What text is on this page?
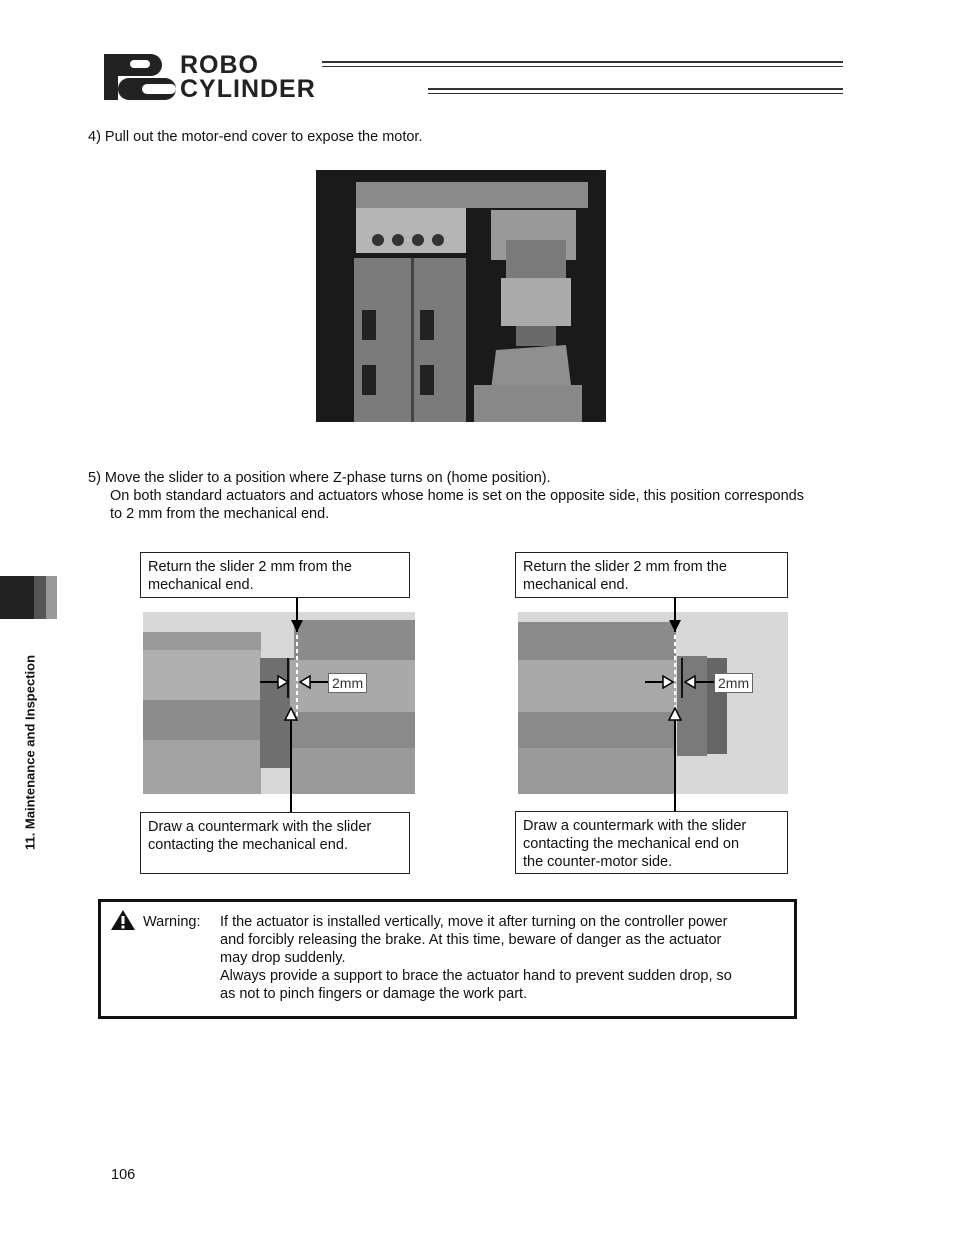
ROBO
CYLINDER
11. Maintenance and Inspection
4) Pull out the motor-end cover to expose the motor.
5) Move the slider to a position where Z-phase turns on (home position).
On both standard actuators and actuators whose home is set on the opposite side, this position corresponds
to 2 mm from the mechanical end.
Return the slider 2 mm from the
mechanical end.
2mm
Draw a countermark with the slider
contacting the mechanical end.
Return the slider 2 mm from the
mechanical end.
2mm
Draw a countermark with the slider
contacting the mechanical end on
the counter-motor side.
Warning: If the actuator is installed vertically, move it after turning on the controller power
and forcibly releasing the brake. At this time, beware of danger as the actuator
may drop suddenly.
Always provide a support to brace the actuator hand to prevent sudden drop, so
as not to pinch fingers or damage the work part.
106
